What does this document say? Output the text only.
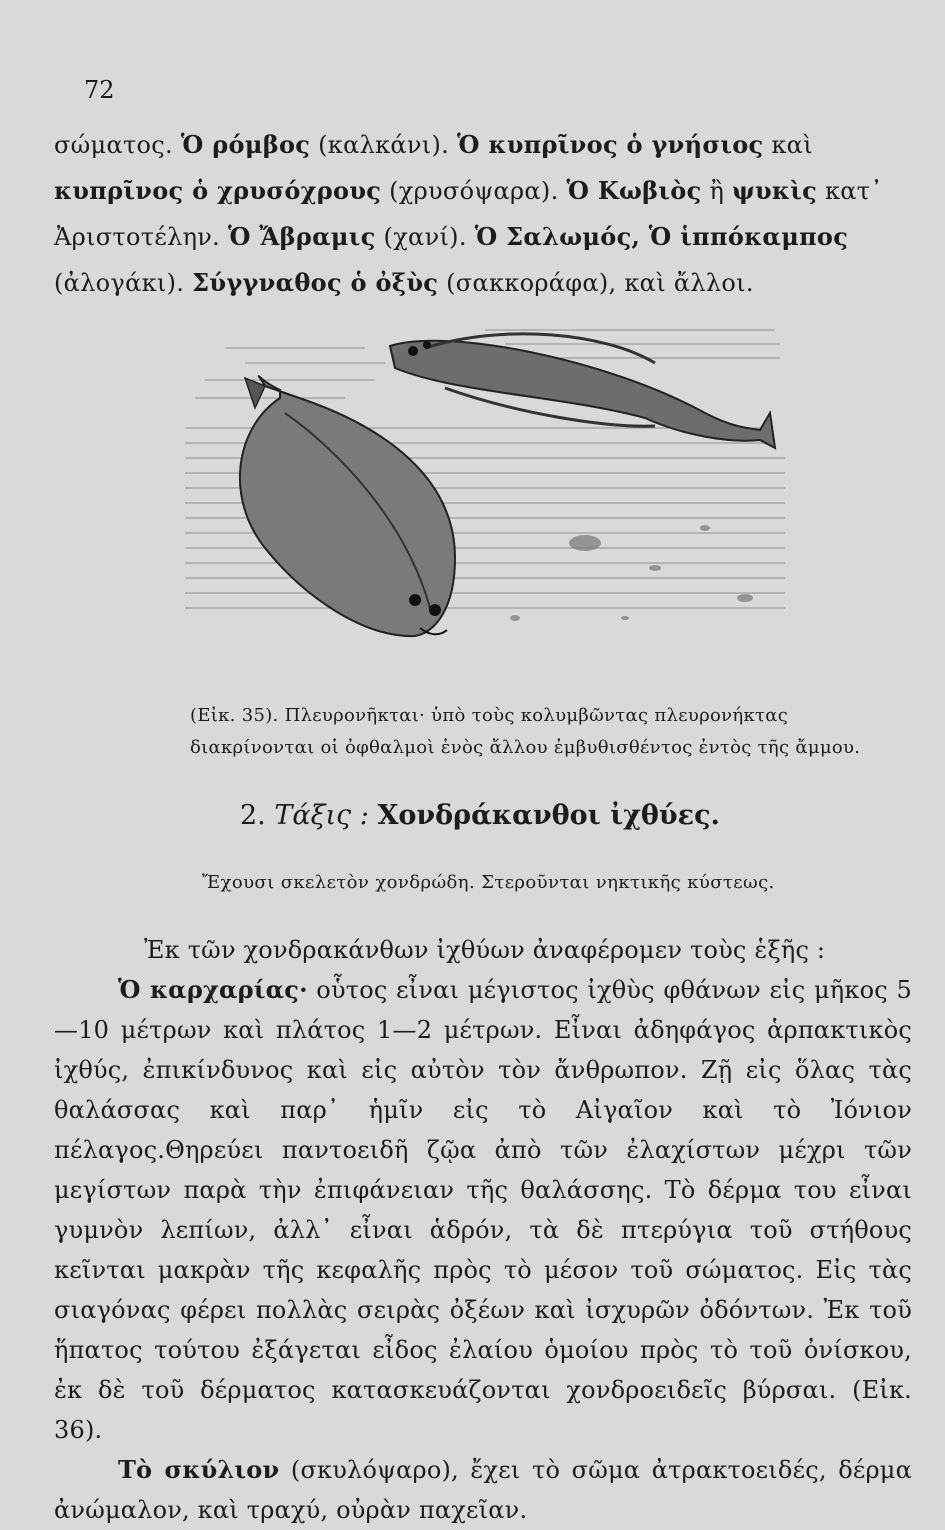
72
σώματος. Ὁ ρόμβος (καλκάνι). Ὁ κυπρῖνος ὁ γνήσιος καὶ κυπρῖνος ὁ χρυσόχρους (χρυσόψαρα). Ὁ Κωβιὸς ἢ ψυκὶς κατ᾽ Ἀριστοτέλην. Ὁ Ἄβραμις (χανί). Ὁ Σαλωμός, Ὁ ἱππόκαμπος (ἀλογάκι). Σύγγναθος ὁ ὀξὺς (σακκοράφα), καὶ ἄλλοι.
(Εἰκ. 35). Πλευρονῆκται· ὑπὸ τοὺς κολυμβῶντας πλευρονήκτας διακρίνονται οἱ ὀφθαλμοὶ ἑνὸς ἄλλου ἐμβυθισθέντος ἐντὸς τῆς ἄμμου.
2. Τάξις : Χονδράκανθοι ἰχθύες.
Ἔχουσι σκελετὸν χονδρώδη. Στεροῦνται νηκτικῆς κύστεως.

Ἐκ τῶν χονδρακάνθων ἰχθύων ἀναφέρομεν τοὺς ἑξῆς :

Ὁ καρχαρίας· οὗτος εἶναι μέγιστος ἰχθὺς φθάνων εἰς μῆκος 5—10 μέτρων καὶ πλάτος 1—2 μέτρων. Εἶναι ἀδηφάγος ἁρπακτικὸς ἰχθύς, ἐπικίνδυνος καὶ εἰς αὐτὸν τὸν ἄνθρωπον. Ζῇ εἰς ὅλας τὰς θαλάσσας καὶ παρ᾽ ἡμῖν εἰς τὸ Αἰγαῖον καὶ τὸ Ἰόνιον πέλαγος.Θηρεύει παντοειδῆ ζῷα ἀπὸ τῶν ἐλαχίστων μέχρι τῶν μεγίστων παρὰ τὴν ἐπιφάνειαν τῆς θαλάσσης. Τὸ δέρμα του εἶναι γυμνὸν λεπίων, ἀλλ᾽ εἶναι ἁδρόν, τὰ δὲ πτερύγια τοῦ στήθους κεῖνται μακρὰν τῆς κεφαλῆς πρὸς τὸ μέσον τοῦ σώματος. Εἰς τὰς σιαγόνας φέρει πολλὰς σειρὰς ὀξέων καὶ ἰσχυρῶν ὀδόντων. Ἐκ τοῦ ἥπατος τούτου ἐξάγεται εἶδος ἐλαίου ὁμοίου πρὸς τὸ τοῦ ὀνίσκου, ἐκ δὲ τοῦ δέρματος κατασκευάζονται χονδροειδεῖς βύρσαι. (Εἰκ. 36).

Τὸ σκύλιον (σκυλόψαρο), ἔχει τὸ σῶμα ἀτρακτοειδές, δέρμα ἀνώμαλον, καὶ τραχύ, οὐρὰν παχεῖαν.
